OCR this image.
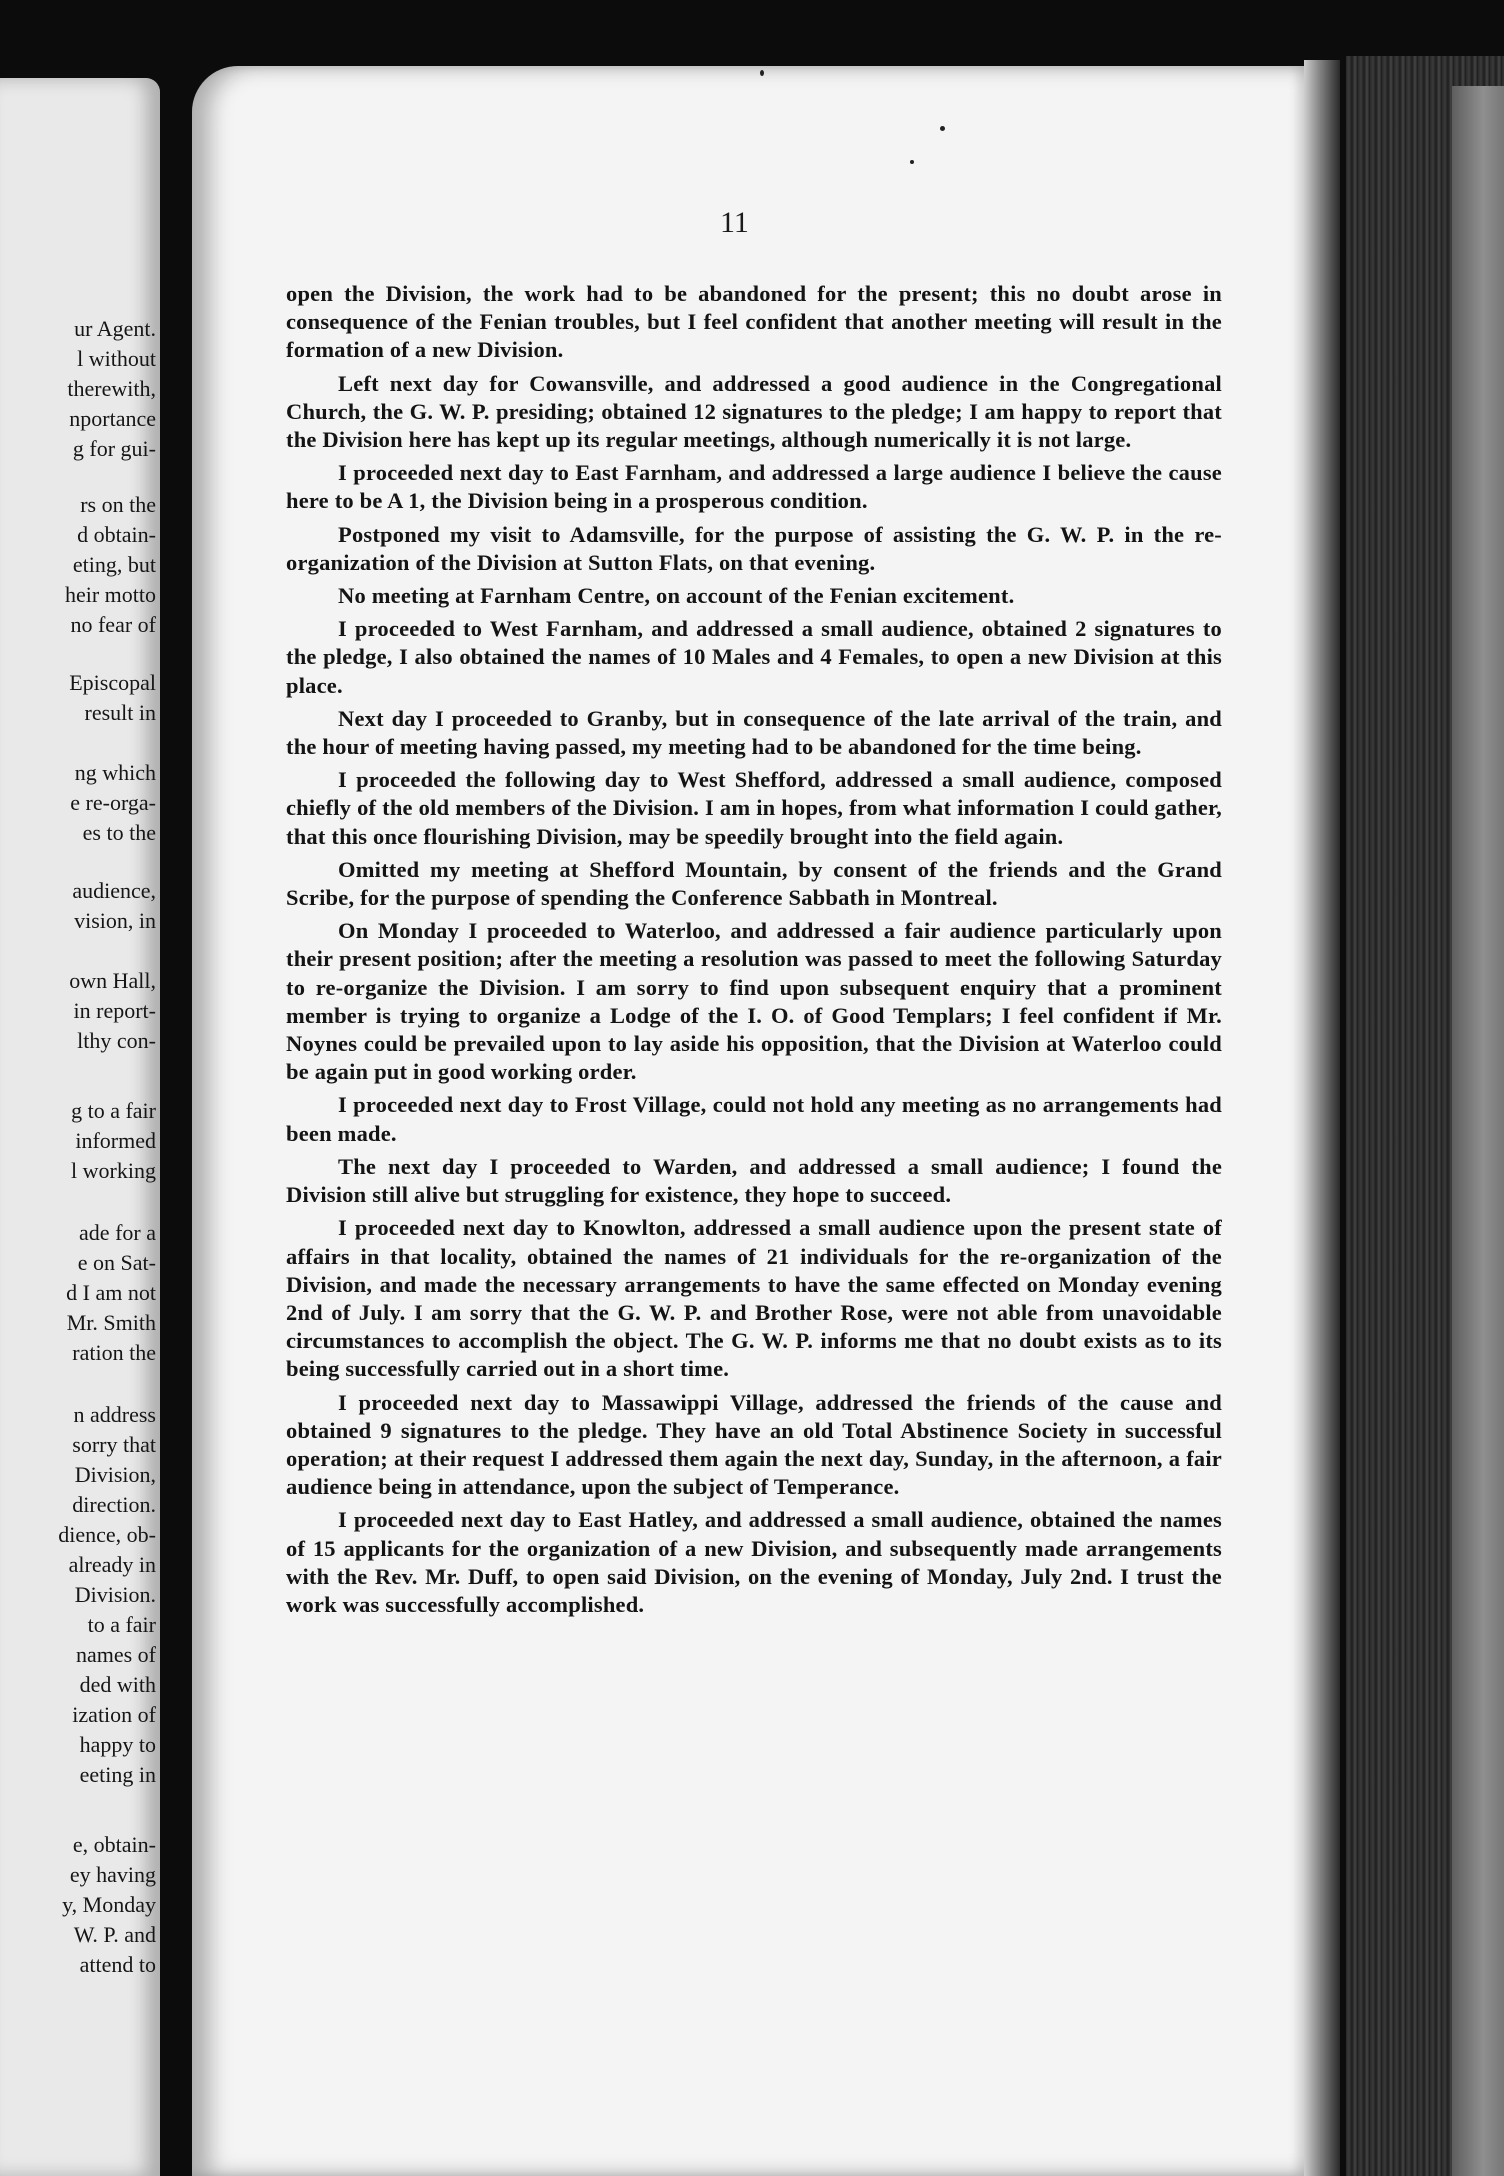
ur Agent.

l without

therewith,

nportance

g for gui-

rs on the

d obtain-

eting, but

heir motto

no fear of

Episcopal

result in

ng which

e re-orga-

es to the

audience,

vision, in

own Hall,

in report-

lthy con-

g to a fair

informed

l working

ade for a

e on Sat-

d I am not

Mr. Smith

ration the

n address

sorry that

Division,

direction.

dience, ob-

already in

Division.

to a fair

names of

ded with

ization of

happy to

eeting in

e, obtain-

ey having

y, Monday

W. P. and

attend to

11

open the Division, the work had to be abandoned for the present; this no doubt arose in consequence of the Fenian troubles, but I feel confident that another meeting will result in the formation of a new Division.

Left next day for Cowansville, and addressed a good audience in the Congregational Church, the G. W. P. presiding; obtained 12 signatures to the pledge; I am happy to report that the Division here has kept up its regular meetings, although numerically it is not large.

I proceeded next day to East Farnham, and addressed a large audience I believe the cause here to be A 1, the Division being in a prosperous condition.

Postponed my visit to Adamsville, for the purpose of assisting the G. W. P. in the re-organization of the Division at Sutton Flats, on that evening.

No meeting at Farnham Centre, on account of the Fenian excitement.

I proceeded to West Farnham, and addressed a small audience, obtained 2 signatures to the pledge, I also obtained the names of 10 Males and 4 Females, to open a new Division at this place.

Next day I proceeded to Granby, but in consequence of the late arrival of the train, and the hour of meeting having passed, my meeting had to be abandoned for the time being.

I proceeded the following day to West Shefford, addressed a small audience, composed chiefly of the old members of the Division. I am in hopes, from what information I could gather, that this once flourishing Division, may be speedily brought into the field again.

Omitted my meeting at Shefford Mountain, by consent of the friends and the Grand Scribe, for the purpose of spending the Conference Sabbath in Montreal.

On Monday I proceeded to Waterloo, and addressed a fair audience particularly upon their present position; after the meeting a resolution was passed to meet the following Saturday to re-organize the Division. I am sorry to find upon subsequent enquiry that a prominent member is trying to organize a Lodge of the I. O. of Good Templars; I feel confident if Mr. Noynes could be prevailed upon to lay aside his opposition, that the Division at Waterloo could be again put in good working order.

I proceeded next day to Frost Village, could not hold any meeting as no arrangements had been made.

The next day I proceeded to Warden, and addressed a small audience; I found the Division still alive but struggling for existence, they hope to succeed.

I proceeded next day to Knowlton, addressed a small audience upon the present state of affairs in that locality, obtained the names of 21 individuals for the re-organization of the Division, and made the necessary arrangements to have the same effected on Monday evening 2nd of July. I am sorry that the G. W. P. and Brother Rose, were not able from unavoidable circumstances to accomplish the object. The G. W. P. informs me that no doubt exists as to its being successfully carried out in a short time.

I proceeded next day to Massawippi Village, addressed the friends of the cause and obtained 9 signatures to the pledge. They have an old Total Abstinence Society in successful operation; at their request I addressed them again the next day, Sunday, in the afternoon, a fair audience being in attendance, upon the subject of Temperance.

I proceeded next day to East Hatley, and addressed a small audience, obtained the names of 15 applicants for the organization of a new Division, and subsequently made arrangements with the Rev. Mr. Duff, to open said Division, on the evening of Monday, July 2nd. I trust the work was successfully accomplished.
